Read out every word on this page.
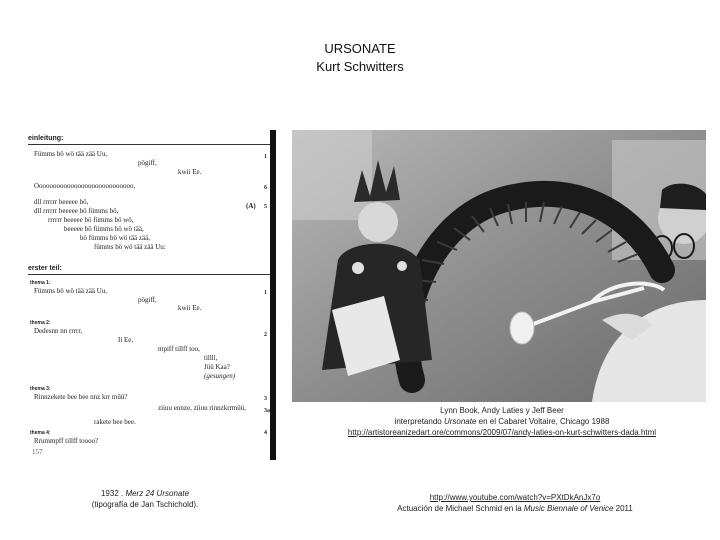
URSONATE
Kurt Schwitters
einleitung:
Fümms bö wö tää zää Uu,
pögiff,
kwii Ee.
Oooooooooooooooooooooooooooo,
dll rrrrrr beeeee bö,
dll rrrrrr beeeee bö fümms bö,
rrrrrr beeeee bö fümms bö wö,
beeeee bö fümms bö wö tää,
bö fümms bö wö tää zää,
fümms bö wö tää zää Uu:
(A)
1
6
5
erster teil:
thema 1:
Fümms bö wö tää zää Uu,
pögiff,
kwii Ee.
1
thema 2:
Dedesnn nn rrrrr,
Ii Ee,
mpiff tillff too,
tillll,
Jüü Kaa?
(gesungen)
2
thema 3:
Rinnzekete bee bee nnz krr müü?
ziiuu ennze, ziiuu rinnzkrrmüü,
rakete bee bee.
3
3a
thema 4:
Rrummpff tillff toooo?
4
157
Lynn Book, Andy Laties y Jeff Beer
interpretando Ursonate en el Cabaret Voltaire, Chicago 1988
http://artistoreanizedart.ore/commons/2009/07/andy-laties-on-kurt-schwitters-dada.html
1932 . Merz 24 Ursonate
(tipografía de Jan Tschichold).
http://www.youtube.com/watch?v=PXtDkAnJx7o
Actuación de Michael Schmid en la Music Biennale of Venice 2011
